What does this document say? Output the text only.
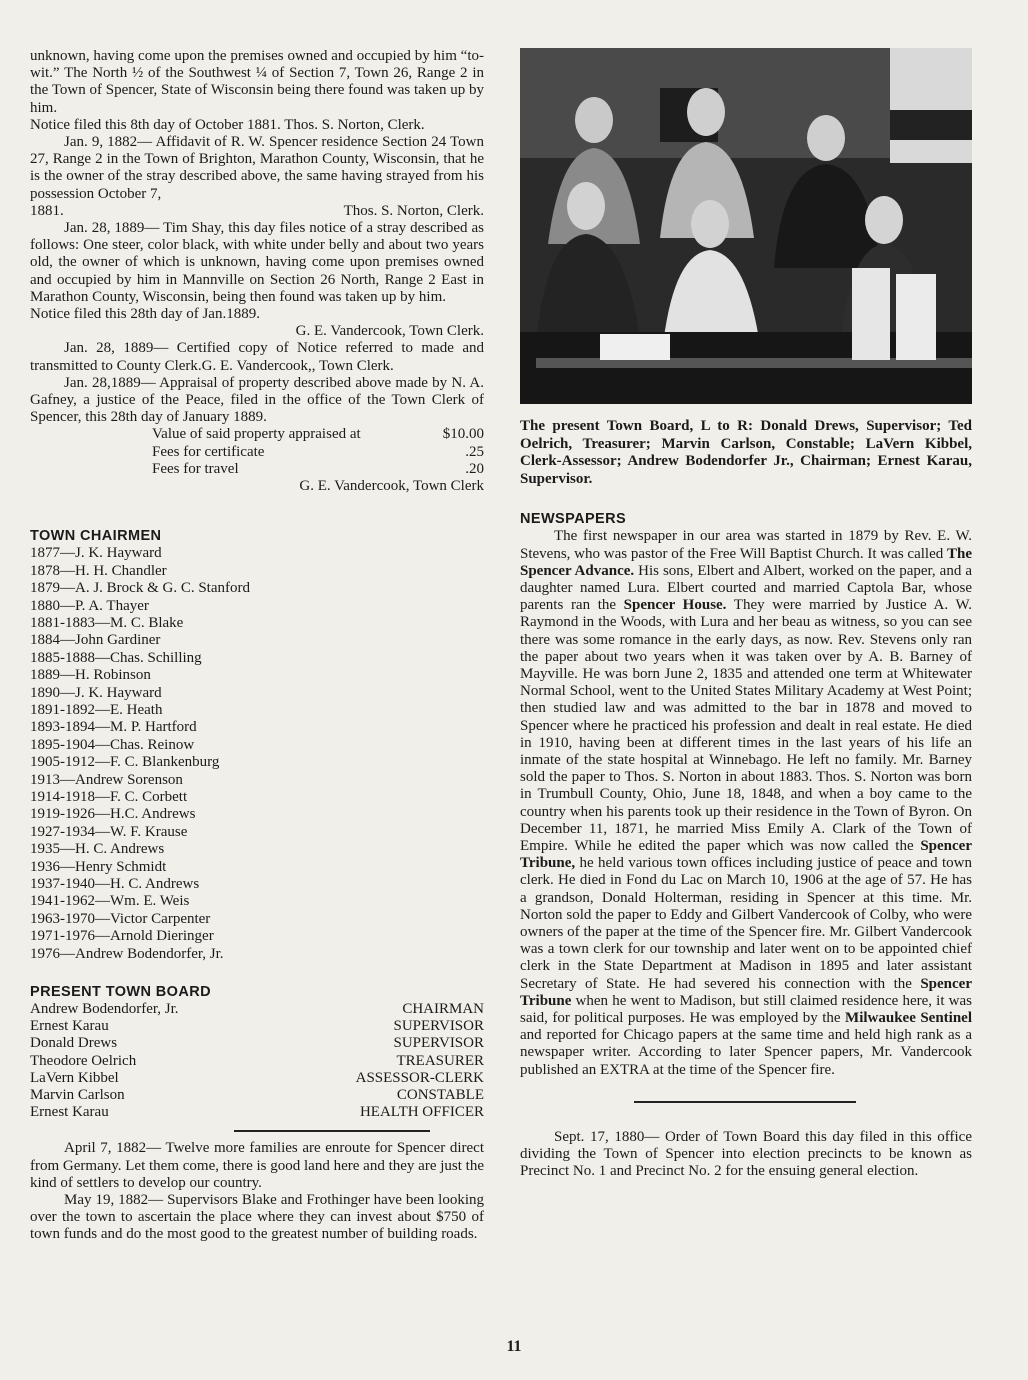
unknown, having come upon the premises owned and occupied by him “to-wit.” The North ½ of the Southwest ¼ of Section 7, Town 26, Range 2 in the Town of Spencer, State of Wisconsin being there found was taken up by him.

Notice filed this 8th day of October 1881. Thos. S. Norton, Clerk.

Jan. 9, 1882— Affidavit of R. W. Spencer residence Section 24 Town 27, Range 2 in the Town of Brighton, Marathon County, Wisconsin, that he is the owner of the stray described above, the same having strayed from his possession October 7,

1881.	Thos. S. Norton, Clerk.

Jan. 28, 1889— Tim Shay, this day files notice of a stray described as follows: One steer, color black, with white under belly and about two years old, the owner of which is unknown, having come upon premises owned and occupied by him in Mannville on Section 26 North, Range 2 East in Marathon County, Wisconsin, being then found was taken up by him.

Notice filed this 28th day of Jan.1889.

G. E. Vandercook, Town Clerk.

Jan. 28, 1889— Certified copy of Notice referred to made and transmitted to County Clerk.G. E. Vandercook,, Town Clerk.

Jan. 28,1889— Appraisal of property described above made by N. A. Gafney, a justice of the Peace, filed in the office of the Town Clerk of Spencer, this 28th day of January 1889.

Value of said property appraised at	$10.00
Fees for certificate	.25
Fees for travel	.20

G. E. Vandercook, Town Clerk

TOWN CHAIRMEN
1877—J. K. Hayward
1878—H. H. Chandler
1879—A. J. Brock & G. C. Stanford
1880—P. A. Thayer
1881-1883—M. C. Blake
1884—John Gardiner
1885-1888—Chas. Schilling
1889—H. Robinson
1890—J. K. Hayward
1891-1892—E. Heath
1893-1894—M. P. Hartford
1895-1904—Chas. Reinow
1905-1912—F. C. Blankenburg
1913—Andrew Sorenson
1914-1918—F. C. Corbett
1919-1926—H.C. Andrews
1927-1934—W. F. Krause
1935—H. C. Andrews
1936—Henry Schmidt
1937-1940—H. C. Andrews
1941-1962—Wm. E. Weis
1963-1970—Victor Carpenter
1971-1976—Arnold Dieringer
1976—Andrew Bodendorfer, Jr.
PRESENT TOWN BOARD
Andrew Bodendorfer, Jr.	CHAIRMAN
Ernest Karau	SUPERVISOR
Donald Drews	SUPERVISOR
Theodore Oelrich	TREASURER
LaVern Kibbel	ASSESSOR-CLERK
Marvin Carlson	CONSTABLE
Ernest Karau	HEALTH OFFICER

April 7, 1882— Twelve more families are enroute for Spencer direct from Germany. Let them come, there is good land here and they are just the kind of settlers to develop our country.

May 19, 1882— Supervisors Blake and Frothinger have been looking over the town to ascertain the place where they can invest about $750 of town funds and do the most good to the greatest number of building roads.

The present Town Board, L to R: Donald Drews, Supervisor; Ted Oelrich, Treasurer; Marvin Carlson, Constable; LaVern Kibbel, Clerk-Assessor; Andrew Bodendorfer Jr., Chairman; Ernest Karau, Supervisor.

NEWSPAPERS

The first newspaper in our area was started in 1879 by Rev. E. W. Stevens, who was pastor of the Free Will Baptist Church. It was called The Spencer Advance. His sons, Elbert and Albert, worked on the paper, and a daughter named Lura. Elbert courted and married Captola Bar, whose parents ran the Spencer House. They were married by Justice A. W. Raymond in the Woods, with Lura and her beau as witness, so you can see there was some romance in the early days, as now. Rev. Stevens only ran the paper about two years when it was taken over by A. B. Barney of Mayville. He was born June 2, 1835 and attended one term at Whitewater Normal School, went to the United States Military Academy at West Point; then studied law and was admitted to the bar in 1878 and moved to Spencer where he practiced his profession and dealt in real estate. He died in 1910, having been at different times in the last years of his life an inmate of the state hospital at Winnebago. He left no family. Mr. Barney sold the paper to Thos. S. Norton in about 1883. Thos. S. Norton was born in Trumbull County, Ohio, June 18, 1848, and when a boy came to the country when his parents took up their residence in the Town of Byron. On December 11, 1871, he married Miss Emily A. Clark of the Town of Empire. While he edited the paper which was now called the Spencer Tribune, he held various town offices including justice of peace and town clerk. He died in Fond du Lac on March 10, 1906 at the age of 57. He has a grandson, Donald Holterman, residing in Spencer at this time. Mr. Norton sold the paper to Eddy and Gilbert Vandercook of Colby, who were owners of the paper at the time of the Spencer fire. Mr. Gilbert Vandercook was a town clerk for our township and later went on to be appointed chief clerk in the State Department at Madison in 1895 and later assistant Secretary of State. He had severed his connection with the Spencer Tribune when he went to Madison, but still claimed residence here, it was said, for political purposes. He was employed by the Milwaukee Sentinel and reported for Chicago papers at the same time and held high rank as a newspaper writer. According to later Spencer papers, Mr. Vandercook published an EXTRA at the time of the Spencer fire.

Sept. 17, 1880— Order of Town Board this day filed in this office dividing the Town of Spencer into election precincts to be known as Precinct No. 1 and Precinct No. 2 for the ensuing general election.

11
